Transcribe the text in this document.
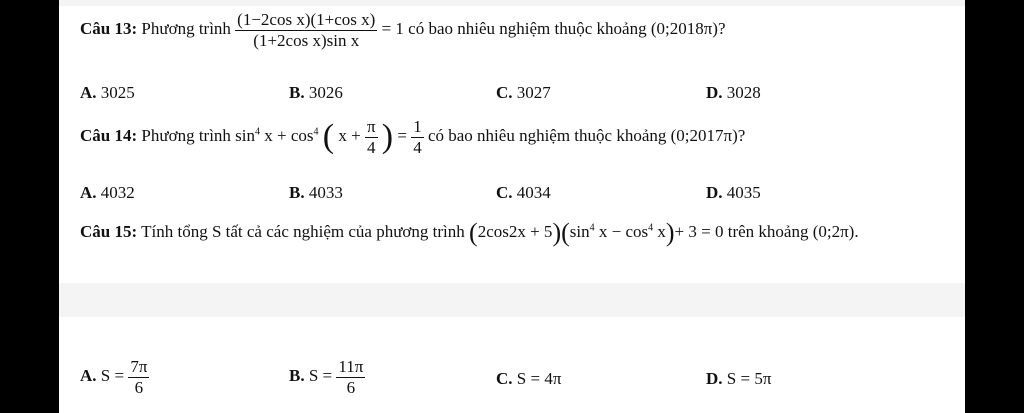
Câu 13: Phương trình $\frac{\text{(1−2cos x)(1+cos x)}}{\text{(1+2cos x)sin x}} = 1$ có bao nhiêu nghiệm thuộc khoảng (0;2018π)?
A. 3025	B. 3026	C. 3027	D. 3028
Câu 14: Phương trình $\sin^4 x + \cos^4$ ( $x + \frac{\pi}{4}$ ) = $\frac{1}{4}$ có bao nhiêu nghiệm thuộc khoảng (0;2017π)?
A. 4032	B. 4033	C. 4034	D. 4035
Câu 15: Tính tổng S tất cả các nghiệm của phương trình $(2\cos 2x + 5)(\sin^4$ $x - \cos^4 x)+ 3 = 0$ trên khoảng (0;2π).
A. $S = \frac{7\pi}{6}$	B. $S = \frac{11\pi}{6}$	C. S = 4π	D. S = 5π
